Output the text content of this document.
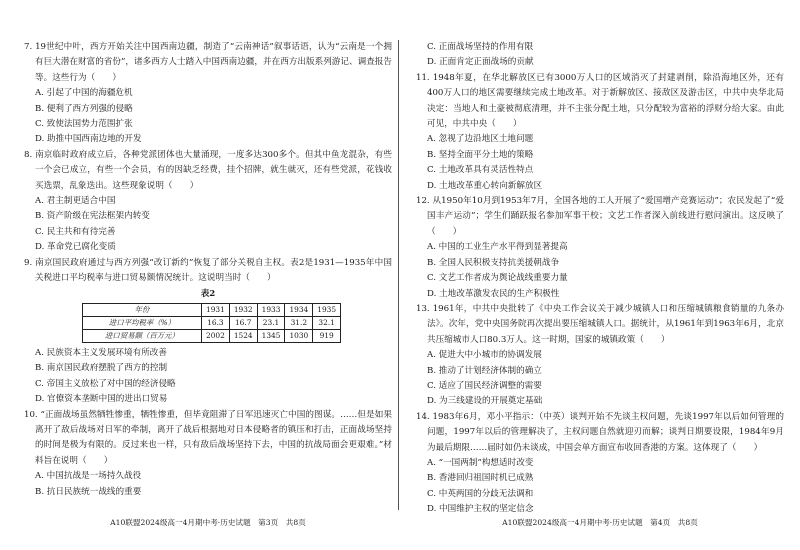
7. 19世纪中叶，西方开始关注中国西南边疆，制造了“云南神话”叙事话语，认为“云南是一个拥有巨大潜在财富的省份”，诸多西方人士踏入中国西南边疆，并在西方出版系列游记、调查报告等。这些行为（　　）

A. 引起了中国的海疆危机

B. 便利了西方列强的侵略

C. 致使法国势力范围扩张

D. 助推中国西南边地的开发

8. 南京临时政府成立后，各种党派团体也大量涌现，一度多达300多个。但其中鱼龙混杂，有些一个会已成立，有些一个会员，有的因缺乏经费，挂个招牌，就生就灭，还有些党派，花钱收买选票，乱象迭出。这些现象说明（　　）

A. 君主制更适合中国

B. 资产阶级在宪法框架内转变

C. 民主共和有待完善

D. 革命党已腐化变质

9. 南京国民政府通过与西方列强“改订新约”恢复了部分关税自主权。表2是1931—1935年中国关税进口平均税率与进口贸易额情况统计。这说明当时（　　）

表2

年份	1931	1932	1933	1934	1935
进口平均税率（%）	16.3	16.7	23.1	31.2	32.1
进口贸易额（百万元）	2002	1524	1345	1030	919

A. 民族资本主义发展环境有所改善

B. 南京国民政府摆脱了西方的控制

C. 帝国主义放松了对中国的经济侵略

D. 官僚资本垄断中国的进出口贸易

10. “正面战场虽然牺牲惨重，牺牲惨重，但毕竟阻滞了日军迅速灭亡中国的图谋。……但是如果离开了敌后战场对日军的牵制，离开了战后根据地对日本侵略者的镇压和打击，正面战场坚持的时间是极为有限的。反过来也一样，只有敌后战场坚持下去，中国的抗战局面会更艰难。”材料旨在说明（　　）

A. 中国抗战是一场持久战役

B. 抗日民族统一战线的重要

C. 正面战场坚持的作用有限

D. 正面肯定正面战场的贡献

11. 1948年夏，在华北解放区已有3000万人口的区域消灭了封建剥削，除沿海地区外，还有400万人口的地区需要继续完成土地改革。对于新解放区、接敌区及游击区，中共中央华北局决定：当地人和土豪被彻底清理，并不主张分配土地，只分配较为富裕的浮财分给大家。由此可见，中共中央（　　）

A. 忽视了边沿地区土地问题

B. 坚持全面平分土地的策略

C. 土地改革具有灵活性特点

D. 土地改革重心转向新解放区

12. 从1950年10月到1953年7月，全国各地的工人开展了“爱国增产竞赛运动”；农民发起了“爱国丰产运动”；学生们踊跃报名参加军事干校；文艺工作者深入前线进行慰问演出。这反映了（　　）

A. 中国的工业生产水平得到显著提高

B. 全国人民积极支持抗美援朝战争

C. 文艺工作者成为舆论战线重要力量

D. 土地改革激发农民的生产积极性

13. 1961年，中共中央批转了《中央工作会议关于减少城镇人口和压缩城镇粮食销量的九条办法》。次年，党中央国务院再次提出要压缩城镇人口。据统计，从1961年到1963年6月，北京共压缩城市人口80.3万人。这一时期，国家的城镇政策（　　）

A. 促进大中小城市的协调发展

B. 推动了计划经济体制的确立

C. 适应了国民经济调整的需要

D. 为三线建设的开展奠定基础

14. 1983年6月，邓小平指示：（中英）谈判开始不先谈主权问题，先谈1997年以后如何管理的问题，1997年以后的管理解决了，主权问题自然就迎刃而解；谈判日期要设限，1984年9月为最后期限……届时如仍未谈成，中国会单方面宣布收回香港的方案。这体现了（　　）

A. “一国两制”构想适时改变

B. 香港回归祖国时机已成熟

C. 中英两国的分歧无法调和

D. 中国维护主权的坚定信念

A10联盟2024级高一4月期中考·历史试题　第3页　共8页	A10联盟2024级高一4月期中考·历史试题　第4页　共8页
